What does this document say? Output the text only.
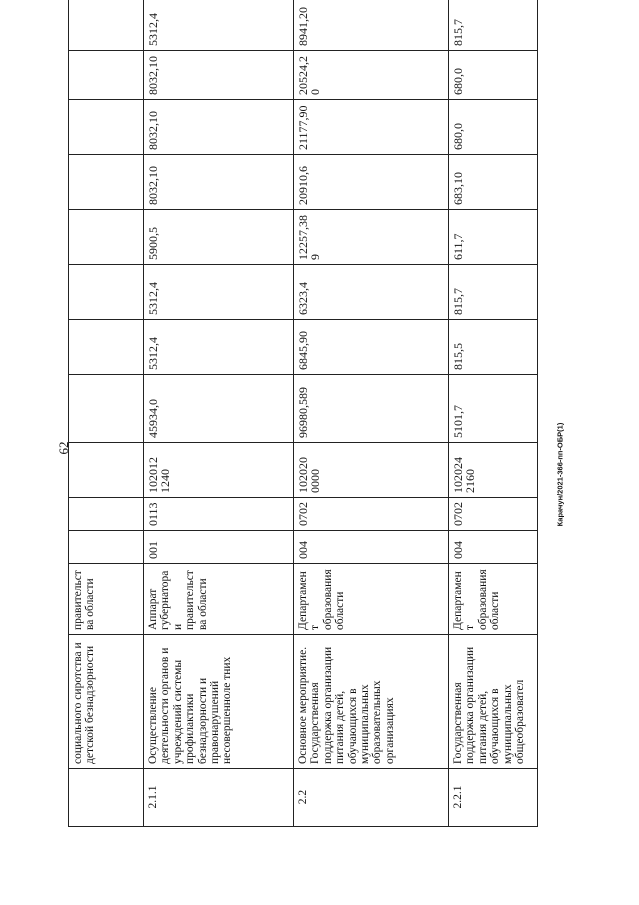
62	Карачун/2021-366-пп-ОБР(1)
	социального сиротства и детской безнадзорности	правительст ва области											
2.1.1	Осуществление деятельности органов и учреждений системы профилактики безнадзорности и правонарушений несовершенноле тних	Аппарат губернатора и правительст ва области	001	0113	102012 1240	45934,0	5312,4	5312,4	5900,5	8032,10	8032,10	8032,10	5312,4
2.2	Основное мероприятие. Государственная поддержка организации питания детей, обучающихся в муниципальных образовательных организациях	Департамент образования области	004	0702	102020 0000	96980,589	6845,90	6323,4	12257,38 9	20910,6	21177,90	20524,20	8941,20
2.2.1	Государственная поддержка организации питания детей, обучающихся в муниципальных общеобразовател	Департамент образования области	004	0702	102024 2160	5101,7	815,5	815,7	611,7	683,10	680,0	680,0	815,7
